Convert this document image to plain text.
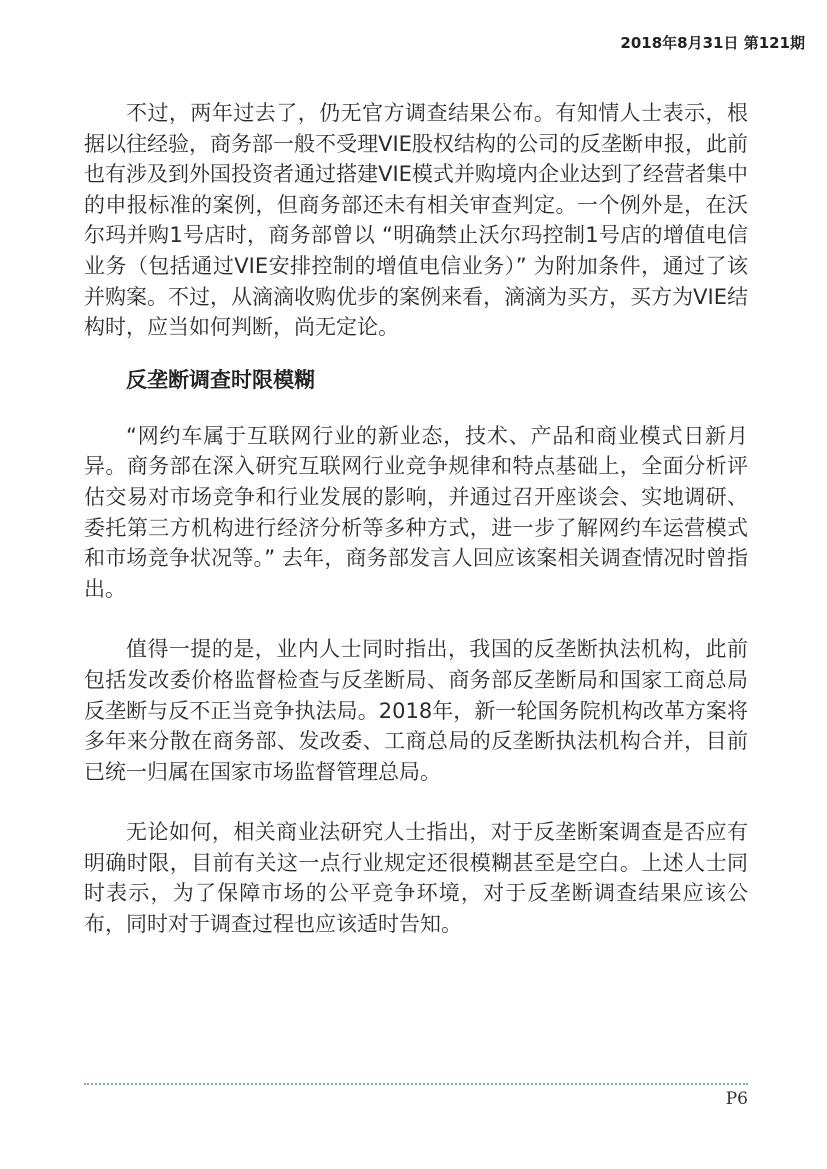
2018年8月31日 第121期

不过，两年过去了，仍无官方调查结果公布。有知情人士表示，根据以往经验，商务部一般不受理VIE股权结构的公司的反垄断申报，此前也有涉及到外国投资者通过搭建VIE模式并购境内企业达到了经营者集中的申报标准的案例，但商务部还未有相关审查判定。一个例外是，在沃尔玛并购1号店时，商务部曾以 “明确禁止沃尔玛控制1号店的增值电信业务（包括通过VIE安排控制的增值电信业务）” 为附加条件，通过了该并购案。不过，从滴滴收购优步的案例来看，滴滴为买方，买方为VIE结构时，应当如何判断，尚无定论。

反垄断调查时限模糊

“网约车属于互联网行业的新业态，技术、产品和商业模式日新月异。商务部在深入研究互联网行业竞争规律和特点基础上，全面分析评估交易对市场竞争和行业发展的影响，并通过召开座谈会、实地调研、委托第三方机构进行经济分析等多种方式，进一步了解网约车运营模式和市场竞争状况等。” 去年，商务部发言人回应该案相关调查情况时曾指出。

值得一提的是，业内人士同时指出，我国的反垄断执法机构，此前包括发改委价格监督检查与反垄断局、商务部反垄断局和国家工商总局反垄断与反不正当竞争执法局。2018年，新一轮国务院机构改革方案将多年来分散在商务部、发改委、工商总局的反垄断执法机构合并，目前已统一归属在国家市场监督管理总局。

无论如何，相关商业法研究人士指出，对于反垄断案调查是否应有明确时限，目前有关这一点行业规定还很模糊甚至是空白。上述人士同时表示，为了保障市场的公平竞争环境，对于反垄断调查结果应该公布，同时对于调查过程也应该适时告知。

P6
